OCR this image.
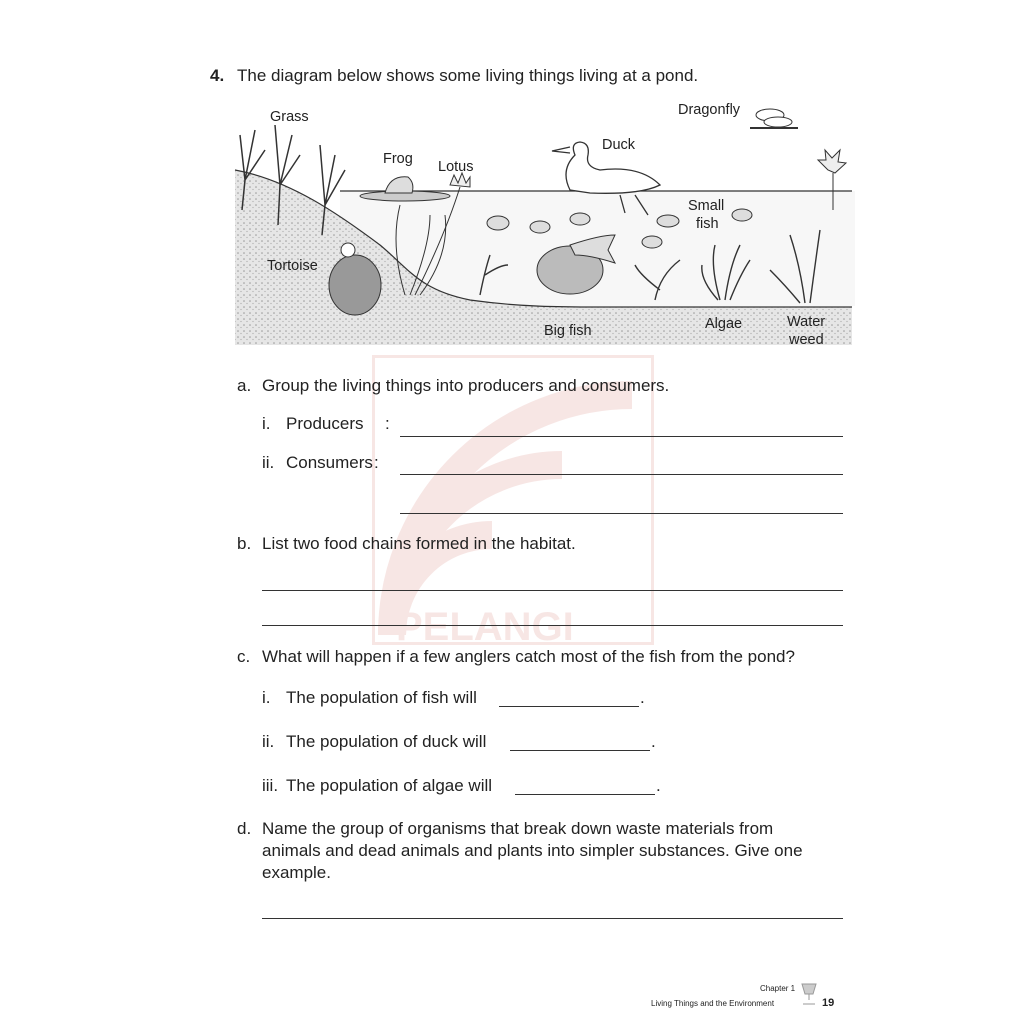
PELANGI
4. The diagram below shows some living things living at a pond.
Grass
Frog Lotus
Duck
Dragonfly
Small
fish
Tortoise
Big fish	Algae	Water
weed
a. Group the living things into producers and consumers.
i. Producers :
ii. Consumers :
b. List two food chains formed in the habitat.
c. What will happen if a few anglers catch most of the fish from the pond?
i. The population of fish will	.
ii. The population of duck will	.
iii. The population of algae will	.
d. Name the group of organisms that break down waste materials from
animals and dead animals and plants into simpler substances. Give one
example.
Chapter 1
Living Things and the Environment	19
